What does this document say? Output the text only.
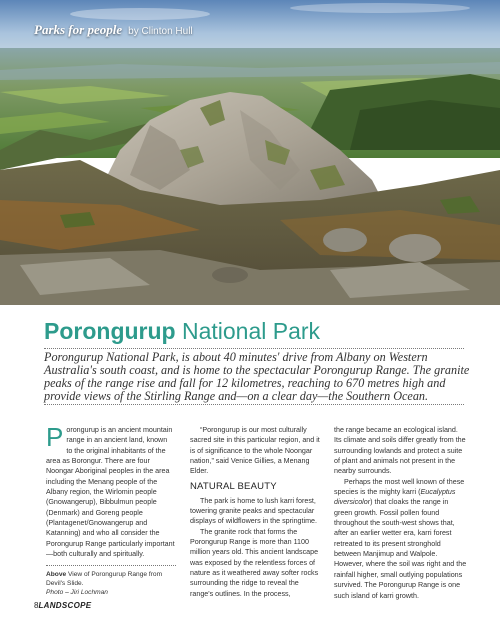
Parks for people by Clinton Hull
Porongurup National Park
Porongurup National Park, is about 40 minutes' drive from Albany on Western Australia's south coast, and is home to the spectacular Porongurup Range. The granite peaks of the range rise and fall for 12 kilometres, reaching to 670 metres high and provide views of the Stirling Range and—on a clear day—the Southern Ocean.
P orongurup is an ancient mountain
range in an ancient land, known
to the original inhabitants of the

area as Borongur. There are four Noongar Aboriginal peoples in the area including the Menang people of the Albany region, the Wirlomin people (Gnowangerup), Bibbulmun people (Denmark) and Goreng people (Plantagenet/Gnowangerup and Katanning) and who all consider the Porongurup Range particularly important—both culturally and spiritually.

Above View of Porongurup Range from Devil's Slide.
Photo – Jiri Lochman

“Porongurup is our most culturally sacred site in this particular region, and it is of significance to the whole Noongar nation,” said Venice Gillies, a Menang Elder.

NATURAL BEAUTY

The park is home to lush karri forest, towering granite peaks and spectacular displays of wildflowers in the springtime.

The granite rock that forms the Porongurup Range is more than 1100 million years old. This ancient landscape was exposed by the relentless forces of nature as it weathered away softer rocks surrounding the ridge to reveal the range's outlines. In the process,

the range became an ecological island. Its climate and soils differ greatly from the surrounding lowlands and protect a suite of plant and animals not present in the nearby surrounds.

Perhaps the most well known of these species is the mighty karri (Eucalyptus diversicolor) that cloaks the range in green growth. Fossil pollen found throughout the south-west shows that, after an earlier wetter era, karri forest retreated to its present stronghold between Manjimup and Walpole. However, where the soil was right and the rainfall higher, small outlying populations survived. The Porongurup Range is one such island of karri growth.

8LANDSCOPE
